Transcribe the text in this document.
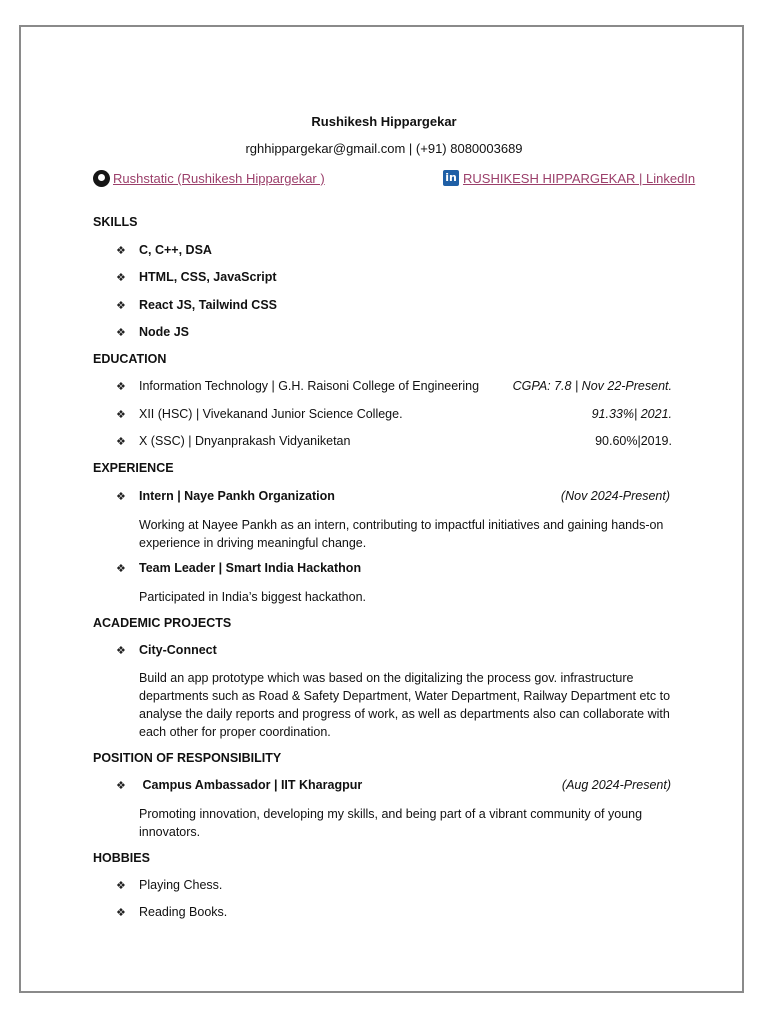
Rushikesh Hippargekar
rghhippargekar@gmail.com | (+91) 8080003689
Rushstatic (Rushikesh Hippargekar )	in RUSHIKESH HIPPARGEKAR | LinkedIn
SKILLS
❖ C, C++, DSA
❖ HTML, CSS, JavaScript
❖ React JS, Tailwind CSS
❖ Node JS
EDUCATION
❖ Information Technology | G.H. Raisoni College of Engineering	CGPA: 7.8 | Nov 22-Present.
❖ XII (HSC) | Vivekanand Junior Science College.	91.33%| 2021.
❖ X (SSC) | Dnyanprakash Vidyaniketan	90.60%|2019.
EXPERIENCE
❖ Intern | Naye Pankh Organization	(Nov 2024-Present)
Working at Nayee Pankh as an intern, contributing to impactful initiatives and gaining hands-on experience in driving meaningful change.
❖ Team Leader | Smart India Hackathon
Participated in India’s biggest hackathon.
ACADEMIC PROJECTS
❖ City-Connect
Build an app prototype which was based on the digitalizing the process gov. infrastructure departments such as Road & Safety Department, Water Department, Railway Department etc to analyse the daily reports and progress of work, as well as departments also can collaborate with each other for proper coordination.
POSITION OF RESPONSIBILITY
❖ Campus Ambassador | IIT Kharagpur	(Aug 2024-Present)
Promoting innovation, developing my skills, and being part of a vibrant community of young innovators.
HOBBIES
❖ Playing Chess.
❖ Reading Books.
